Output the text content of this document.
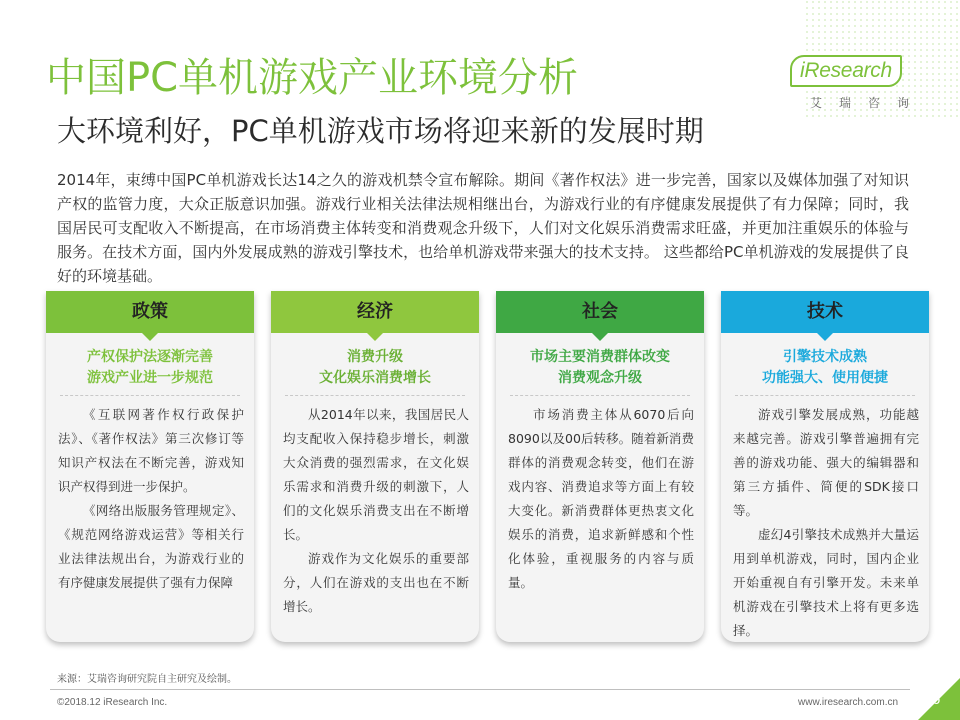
中国PC单机游戏产业环境分析
大环境利好，PC单机游戏市场将迎来新的发展时期
iResearch
艾瑞咨询
2014年，束缚中国PC单机游戏长达14之久的游戏机禁令宣布解除。期间《著作权法》进一步完善，国家以及媒体加强了对知识产权的监管力度，大众正版意识加强。游戏行业相关法律法规相继出台，为游戏行业的有序健康发展提供了有力保障；同时，我国居民可支配收入不断提高，在市场消费主体转变和消费观念升级下，人们对文化娱乐消费需求旺盛，并更加注重娱乐的体验与服务。在技术方面，国内外发展成熟的游戏引擎技术，也给单机游戏带来强大的技术支持。 这些都给PC单机游戏的发展提供了良好的环境基础。
政策
产权保护法逐渐完善
游戏产业进一步规范

《互联网著作权行政保护法》、《著作权法》第三次修订等知识产权法在不断完善，游戏知识产权得到进一步保护。

《网络出版服务管理规定》、《规范网络游戏运营》等相关行业法律法规出台，为游戏行业的有序健康发展提供了强有力保障

经济
消费升级
文化娱乐消费增长

从2014年以来，我国居民人均支配收入保持稳步增长，刺激大众消费的强烈需求，在文化娱乐需求和消费升级的刺激下，人们的文化娱乐消费支出在不断增长。

游戏作为文化娱乐的重要部分，人们在游戏的支出也在不断增长。

社会
市场主要消费群体改变
消费观念升级

市场消费主体从6070后向8090以及00后转移。随着新消费群体的消费观念转变，他们在游戏内容、消费追求等方面上有较大变化。新消费群体更热衷文化娱乐的消费，追求新鲜感和个性化体验，重视服务的内容与质量。

技术
引擎技术成熟
功能强大、使用便捷

游戏引擎发展成熟，功能越来越完善。游戏引擎普遍拥有完善的游戏功能、强大的编辑器和第三方插件、简便的SDK接口等。

虚幻4引擎技术成熟并大量运用到单机游戏，同时，国内企业开始重视自有引擎开发。未来单机游戏在引擎技术上将有更多选择。

来源：艾瑞咨询研究院自主研究及绘制。
©2018.12 iResearch Inc.	www.iresearch.com.cn 6
